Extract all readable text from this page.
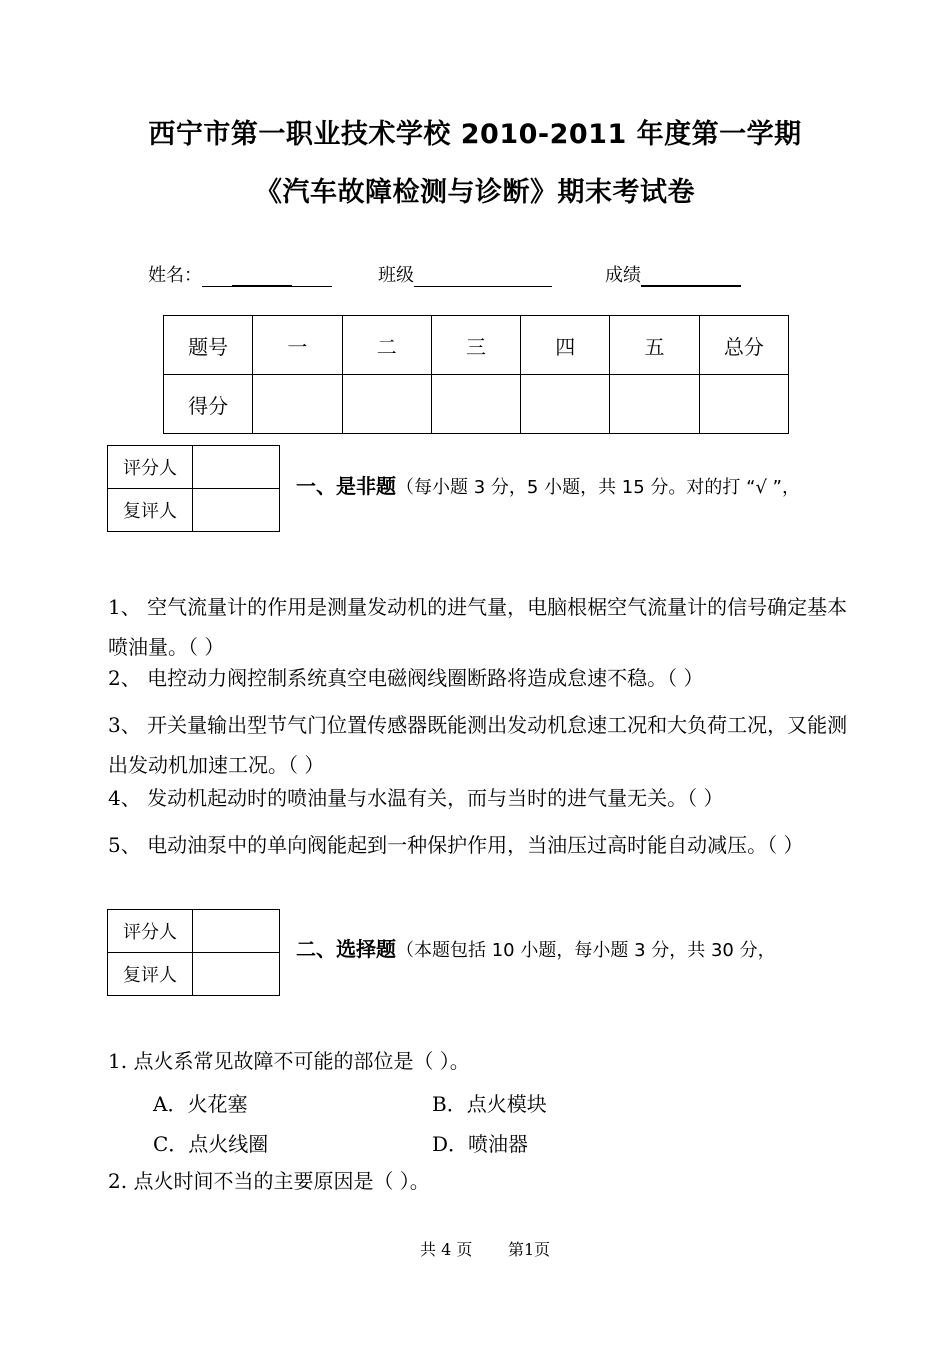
西宁市第一职业技术学校 2010-2011 年度第一学期
《汽车故障检测与诊断》期末考试卷
姓名：	班级	成绩
题号	一	二	三	四	五	总分
得分						
评分人	
复评人	
一、是非题（每小题 3 分，5 小题，共 15 分。对的打 “√ ”，
1、 空气流量计的作用是测量发动机的进气量，电脑根椐空气流量计的信号确定基本喷油量。（ ）
2、 电控动力阀控制系统真空电磁阀线圈断路将造成怠速不稳。（ ）
3、 开关量输出型节气门位置传感器既能测出发动机怠速工况和大负荷工况，又能测出发动机加速工况。（ ）
4、 发动机起动时的喷油量与水温有关，而与当时的进气量无关。（ ）
5、 电动油泵中的单向阀能起到一种保护作用，当油压过高时能自动减压。（ ）
评分人	
复评人	
二、选择题（本题包括 10 小题，每小题 3 分，共 30 分，
1. 点火系常见故障不可能的部位是（ ）。
A．火花塞	B．点火模块
C．点火线圈	D．喷油器
2. 点火时间不当的主要原因是（ ）。
共 4 页 第1页
